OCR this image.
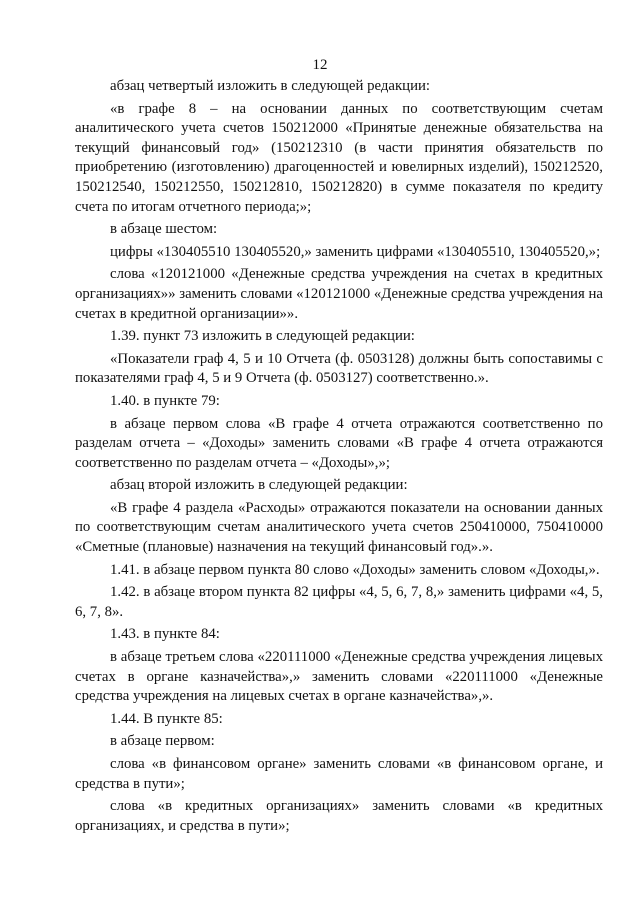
12

абзац четвертый изложить в следующей редакции:

«в графе 8 – на основании данных по соответствующим счетам аналитического учета счетов 150212000 «Принятые денежные обязательства на текущий финансовый год» (150212310 (в части принятия обязательств по приобретению (изготовлению) драгоценностей и ювелирных изделий), 150212520, 150212540, 150212550, 150212810, 150212820) в сумме показателя по кредиту счета по итогам отчетного периода;»;

в абзаце шестом:

цифры «130405510 130405520,» заменить цифрами «130405510, 130405520,»;

слова «120121000 «Денежные средства учреждения на счетах в кредитных организациях»» заменить словами «120121000 «Денежные средства учреждения на счетах в кредитной организации»».

1.39. пункт 73 изложить в следующей редакции:

«Показатели граф 4, 5 и 10 Отчета (ф. 0503128) должны быть сопоставимы с показателями граф 4, 5 и 9 Отчета (ф. 0503127) соответственно.».

1.40. в пункте 79:

в абзаце первом слова «В графе 4 отчета отражаются соответственно по разделам отчета – «Доходы» заменить словами «В графе 4 отчета отражаются соответственно по разделам отчета – «Доходы»,»;

абзац второй изложить в следующей редакции:

«В графе 4 раздела «Расходы» отражаются показатели на основании данных по соответствующим счетам аналитического учета счетов 250410000, 750410000 «Сметные (плановые) назначения на текущий финансовый год».».

1.41. в абзаце первом пункта 80 слово «Доходы» заменить словом «Доходы,».

1.42. в абзаце втором пункта 82 цифры «4, 5, 6, 7, 8,» заменить цифрами «4, 5, 6, 7, 8».

1.43. в пункте 84:

в абзаце третьем слова «220111000 «Денежные средства учреждения лицевых счетах в органе казначейства»,» заменить словами «220111000 «Денежные средства учреждения на лицевых счетах в органе казначейства»,».

1.44. В пункте 85:

в абзаце первом:

слова «в финансовом органе» заменить словами «в финансовом органе, и средства в пути»;

слова «в кредитных организациях» заменить словами «в кредитных организациях, и средства в пути»;
